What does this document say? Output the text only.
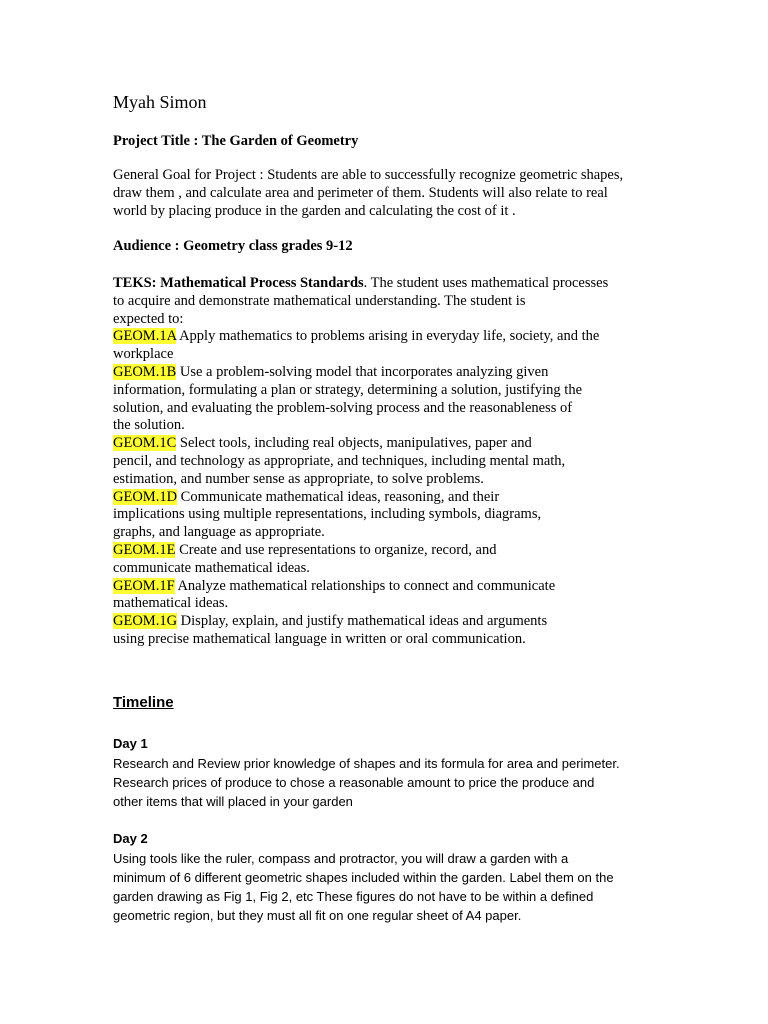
Myah Simon
Project Title : The Garden of Geometry
General Goal for Project : Students are able to successfully recognize geometric shapes,
draw them , and calculate area and perimeter of them. Students will also relate to real
world by placing produce in the garden and calculating the cost of it .
Audience : Geometry class grades 9-12
TEKS: Mathematical Process Standards. The student uses mathematical processes
to acquire and demonstrate mathematical understanding. The student is
expected to:
GEOM.1A Apply mathematics to problems arising in everyday life, society, and the
workplace
GEOM.1B Use a problem-solving model that incorporates analyzing given
information, formulating a plan or strategy, determining a solution, justifying the
solution, and evaluating the problem-solving process and the reasonableness of
the solution.
GEOM.1C Select tools, including real objects, manipulatives, paper and
pencil, and technology as appropriate, and techniques, including mental math,
estimation, and number sense as appropriate, to solve problems.
GEOM.1D Communicate mathematical ideas, reasoning, and their
implications using multiple representations, including symbols, diagrams,
graphs, and language as appropriate.
GEOM.1E Create and use representations to organize, record, and
communicate mathematical ideas.
GEOM.1F Analyze mathematical relationships to connect and communicate
mathematical ideas.
GEOM.1G Display, explain, and justify mathematical ideas and arguments
using precise mathematical language in written or oral communication.
Timeline
Day 1
Research and Review prior knowledge of shapes and its formula for area and perimeter.
Research prices of produce to chose a reasonable amount to price the produce and
other items that will placed in your garden
Day 2
Using tools like the ruler, compass and protractor, you will draw a garden with a
minimum of 6 different geometric shapes included within the garden. Label them on the
garden drawing as Fig 1, Fig 2, etc These figures do not have to be within a defined
geometric region, but they must all fit on one regular sheet of A4 paper.
